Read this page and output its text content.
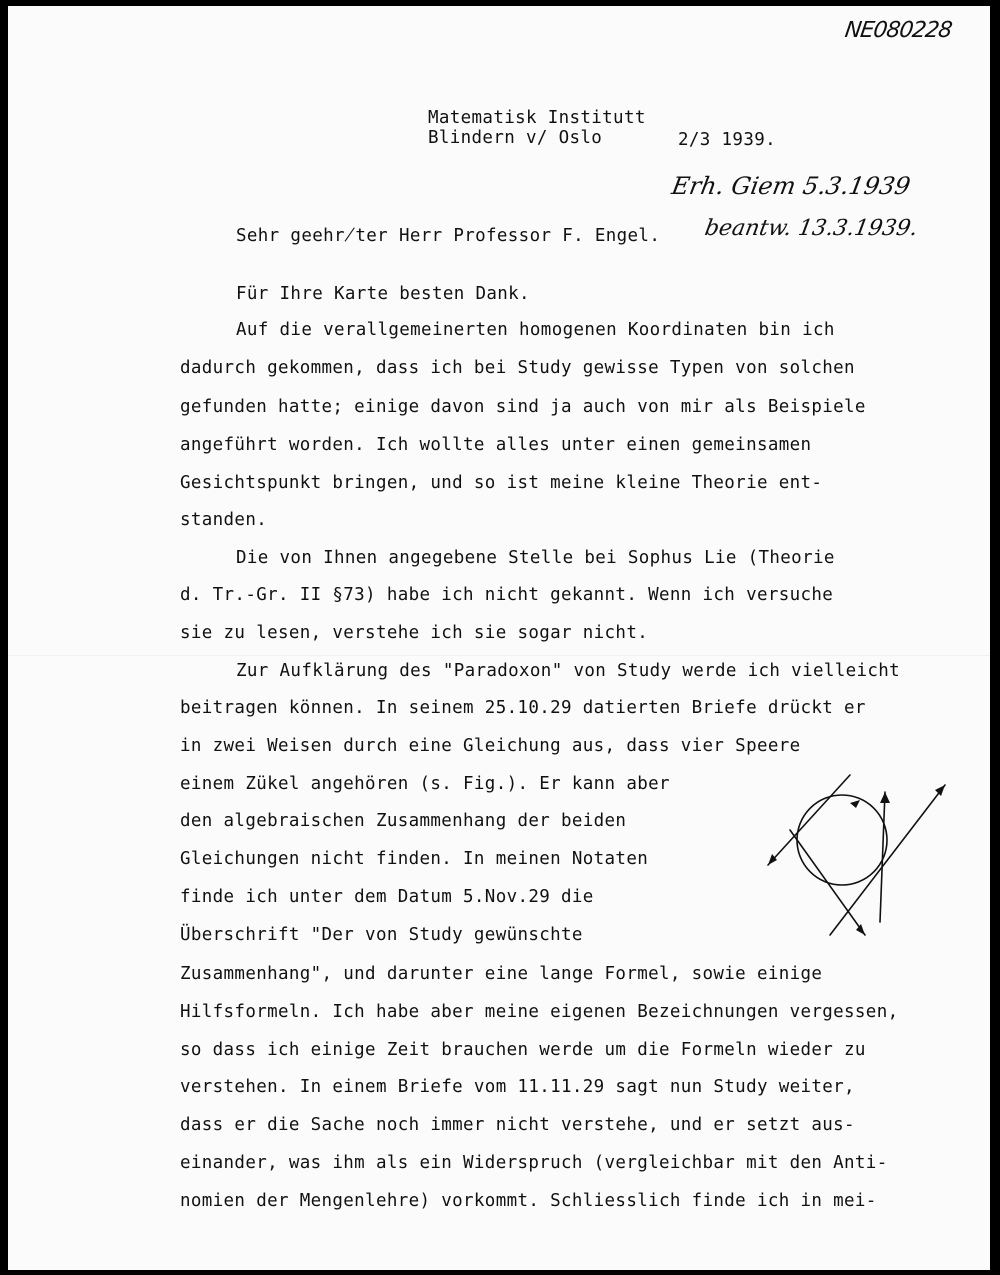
NE080228
Matematisk Institutt
Blindern v/ Oslo	2/3 1939.
Erh. Giem 5.3.1939
beantw. 13.3.1939.
Sehr geehr̸ter Herr Professor F. Engel.
Für Ihre Karte besten Dank.
Auf die verallgemeinerten homogenen Koordinaten bin ich
dadurch gekommen, dass ich bei Study gewisse Typen von solchen
gefunden hatte; einige davon sind ja auch von mir als Beispiele
angeführt worden. Ich wollte alles unter einen gemeinsamen
Gesichtspunkt bringen, und so ist meine kleine Theorie ent-
standen.
Die von Ihnen angegebene Stelle bei Sophus Lie (Theorie
d. Tr.-Gr. II §73) habe ich nicht gekannt. Wenn ich versuche
sie zu lesen, verstehe ich sie sogar nicht.
Zur Aufklärung des "Paradoxon" von Study werde ich vielleicht
beitragen können. In seinem 25.10.29 datierten Briefe drückt er
in zwei Weisen durch eine Gleichung aus, dass vier Speere
einem Zükel angehören (s. Fig.). Er kann aber
den algebraischen Zusammenhang der beiden
Gleichungen nicht finden. In meinen Notaten
finde ich unter dem Datum 5.Nov.29 die
Überschrift "Der von Study gewünschte
Zusammenhang", und darunter eine lange Formel, sowie einige
Hilfsformeln. Ich habe aber meine eigenen Bezeichnungen vergessen,
so dass ich einige Zeit brauchen werde um die Formeln wieder zu
verstehen. In einem Briefe vom 11.11.29 sagt nun Study weiter,
dass er die Sache noch immer nicht verstehe, und er setzt aus-
einander, was ihm als ein Widerspruch (vergleichbar mit den Anti-
nomien der Mengenlehre) vorkommt. Schliesslich finde ich in mei-
